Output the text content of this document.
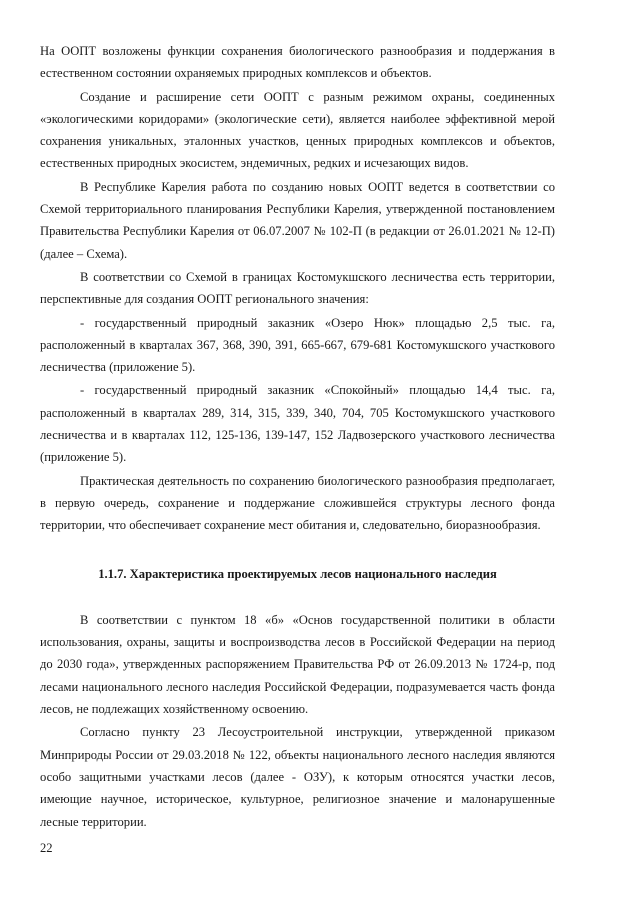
На ООПТ возложены функции сохранения биологического разнообразия и поддержания в естественном состоянии охраняемых природных комплексов и объектов.

Создание и расширение сети ООПТ с разным режимом охраны, соединенных «экологическими коридорами» (экологические сети), является наиболее эффективной мерой сохранения уникальных, эталонных участков, ценных природных комплексов и объектов, естественных природных экосистем, эндемичных, редких и исчезающих видов.

В Республике Карелия работа по созданию новых ООПТ ведется в соответствии со Схемой территориального планирования Республики Карелия, утвержденной постановлением Правительства Республики Карелия от 06.07.2007 № 102-П (в редакции от 26.01.2021 № 12-П)(далее – Схема).

В соответствии со Схемой в границах Костомукшского лесничества есть территории, перспективные для создания ООПТ регионального значения:

- государственный природный заказник «Озеро Нюк» площадью 2,5 тыс. га, расположенный в кварталах 367, 368, 390, 391, 665-667, 679-681 Костомукшского участкового лесничества (приложение 5).

- государственный природный заказник «Спокойный» площадью 14,4 тыс. га, расположенный в кварталах 289, 314, 315, 339, 340, 704, 705 Костомукшского участкового лесничества и в кварталах 112, 125-136, 139-147, 152 Ладвозерского участкового лесничества (приложение 5).

Практическая деятельность по сохранению биологического разнообразия предполагает, в первую очередь, сохранение и поддержание сложившейся структуры лесного фонда территории, что обеспечивает сохранение мест обитания и, следовательно, биоразнообразия.

1.1.7. Характеристика проектируемых лесов национального наследия

В соответствии с пунктом 18 «б» «Основ государственной политики в области использования, охраны, защиты и воспроизводства лесов в Российской Федерации на период до 2030 года», утвержденных распоряжением Правительства РФ от 26.09.2013 № 1724-р, под лесами национального лесного наследия Российской Федерации, подразумевается часть фонда лесов, не подлежащих хозяйственному освоению.

Согласно пункту 23 Лесоустроительной инструкции, утвержденной приказом Минприроды России от 29.03.2018 № 122, объекты национального лесного наследия являются особо защитными участками лесов (далее - ОЗУ), к которым относятся участки лесов, имеющие научное, историческое, культурное, религиозное значение и малонарушенные лесные территории.

22
